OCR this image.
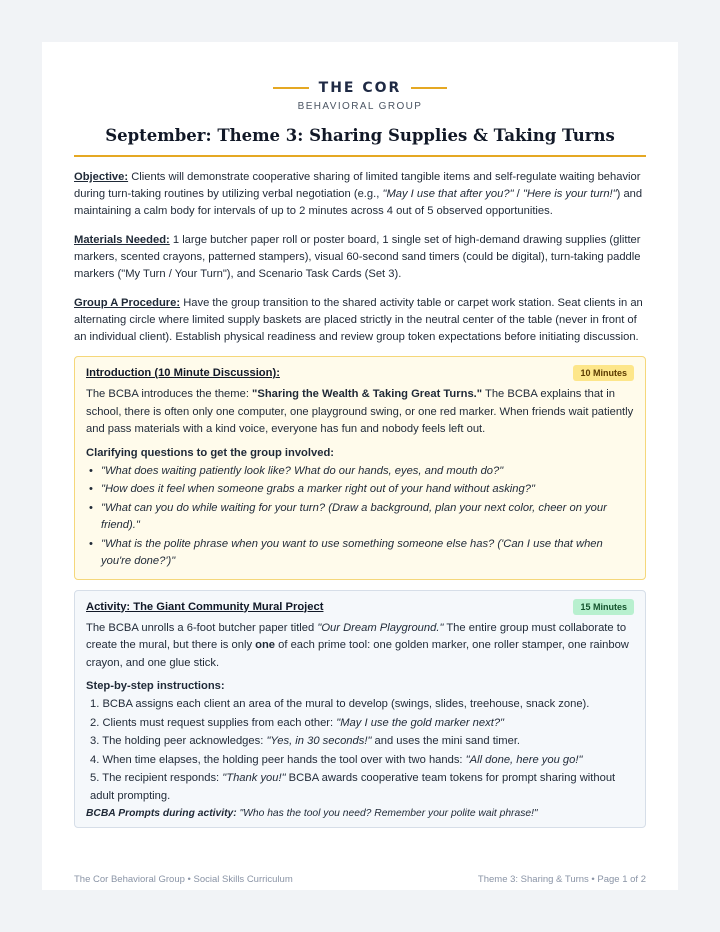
THE COR
BEHAVIORAL GROUP
September: Theme 3: Sharing Supplies & Taking Turns

Objective: Clients will demonstrate cooperative sharing of limited tangible items and self-regulate waiting behavior during turn-taking routines by utilizing verbal negotiation (e.g., "May I use that after you?" / "Here is your turn!") and maintaining a calm body for intervals of up to 2 minutes across 4 out of 5 observed opportunities.

Materials Needed: 1 large butcher paper roll or poster board, 1 single set of high-demand drawing supplies (glitter markers, scented crayons, patterned stampers), visual 60-second sand timers (could be digital), turn-taking paddle markers ("My Turn / Your Turn"), and Scenario Task Cards (Set 3).

Group A Procedure: Have the group transition to the shared activity table or carpet work station. Seat clients in an alternating circle where limited supply baskets are placed strictly in the neutral center of the table (never in front of an individual client). Establish physical readiness and review group token expectations before initiating discussion.

Introduction (10 Minute Discussion):	10 Minutes

The BCBA introduces the theme: "Sharing the Wealth & Taking Great Turns." The BCBA explains that in school, there is often only one computer, one playground swing, or one red marker. When friends wait patiently and pass materials with a kind voice, everyone has fun and nobody feels left out.

Clarifying questions to get the group involved:
• "What does waiting patiently look like? What do our hands, eyes, and mouth do?"
• "How does it feel when someone grabs a marker right out of your hand without asking?"
• "What can you do while waiting for your turn? (Draw a background, plan your next color, cheer on your friend)."
• "What is the polite phrase when you want to use something someone else has? ('Can I use that when you're done?')"
Activity: The Giant Community Mural Project	15 Minutes

The BCBA unrolls a 6-foot butcher paper titled "Our Dream Playground." The entire group must collaborate to create the mural, but there is only one of each prime tool: one golden marker, one roller stamper, one rainbow crayon, and one glue stick.

Step-by-step instructions:
1. BCBA assigns each client an area of the mural to develop (swings, slides, treehouse, snack zone).
2. Clients must request supplies from each other: "May I use the gold marker next?"
3. The holding peer acknowledges: "Yes, in 30 seconds!" and uses the mini sand timer.
4. When time elapses, the holding peer hands the tool over with two hands: "All done, here you go!"
5. The recipient responds: "Thank you!" BCBA awards cooperative team tokens for prompt sharing without adult prompting.
BCBA Prompts during activity: "Who has the tool you need? Remember your polite wait phrase!"
The Cor Behavioral Group • Social Skills Curriculum	Theme 3: Sharing & Turns • Page 1 of 2
